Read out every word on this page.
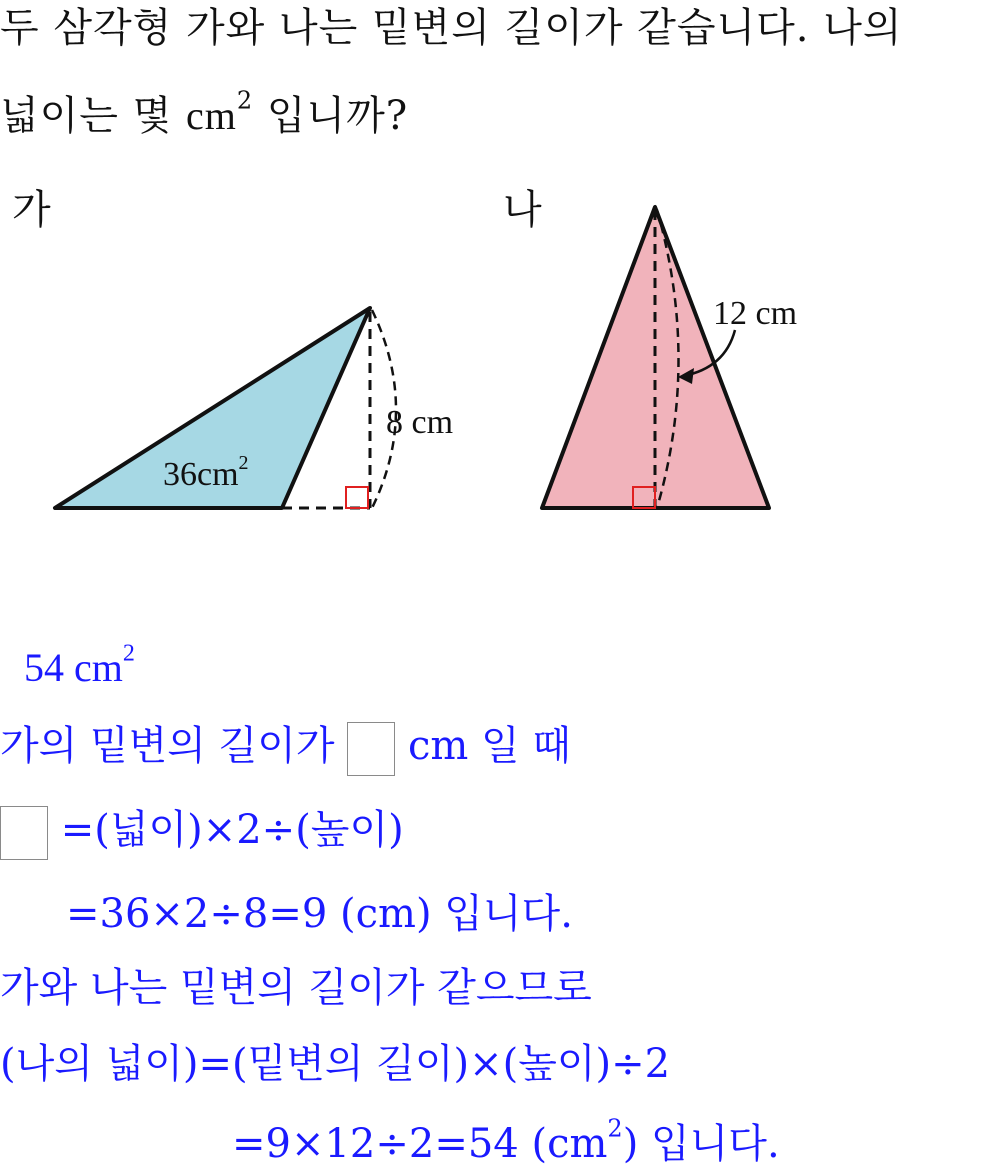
두 삼각형 가와 나는 밑변의 길이가 같습니다. 나의
넓이는 몇 $cm^2$ 입니까?
가	나
$36cm^2$
8 cm
12 cm
54 $cm^2$
가의 밑변의 길이가  cm 일 때
=(넓이)×2÷(높이)
=36×2÷8=9 (cm) 입니다.
가와 나는 밑변의 길이가 같으므로
(나의 넓이)=(밑변의 길이)×(높이)÷2
=9×12÷2=54 $(cm^2)$ 입니다.
